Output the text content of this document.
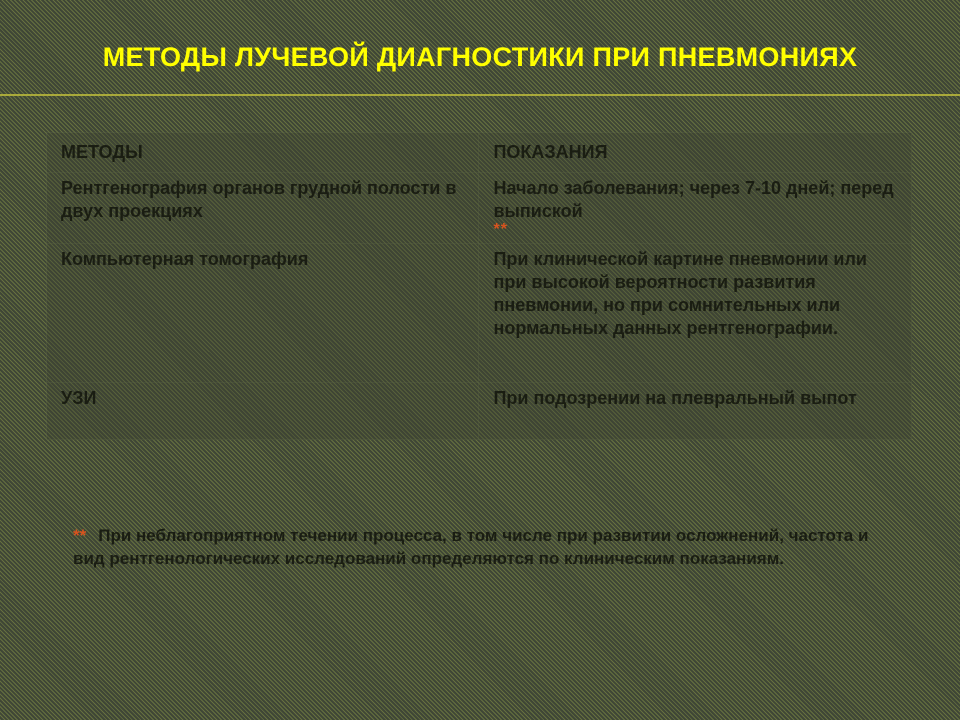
МЕТОДЫ ЛУЧЕВОЙ ДИАГНОСТИКИ ПРИ ПНЕВМОНИЯХ
МЕТОДЫ	ПОКАЗАНИЯ
Рентгенография органов грудной полости в двух проекциях	Начало заболевания; через 7-10 дней; перед выпиской
**

Компьютерная томография	При клинической картине пневмонии или при высокой вероятности развития пневмонии, но при сомнительных или нормальных данных рентгенографии.
УЗИ	При подозрении на плевральный выпот
** При неблагоприятном течении процесса, в том числе при развитии осложнений, частота и вид рентгенологических исследований определяются по клиническим показаниям.
